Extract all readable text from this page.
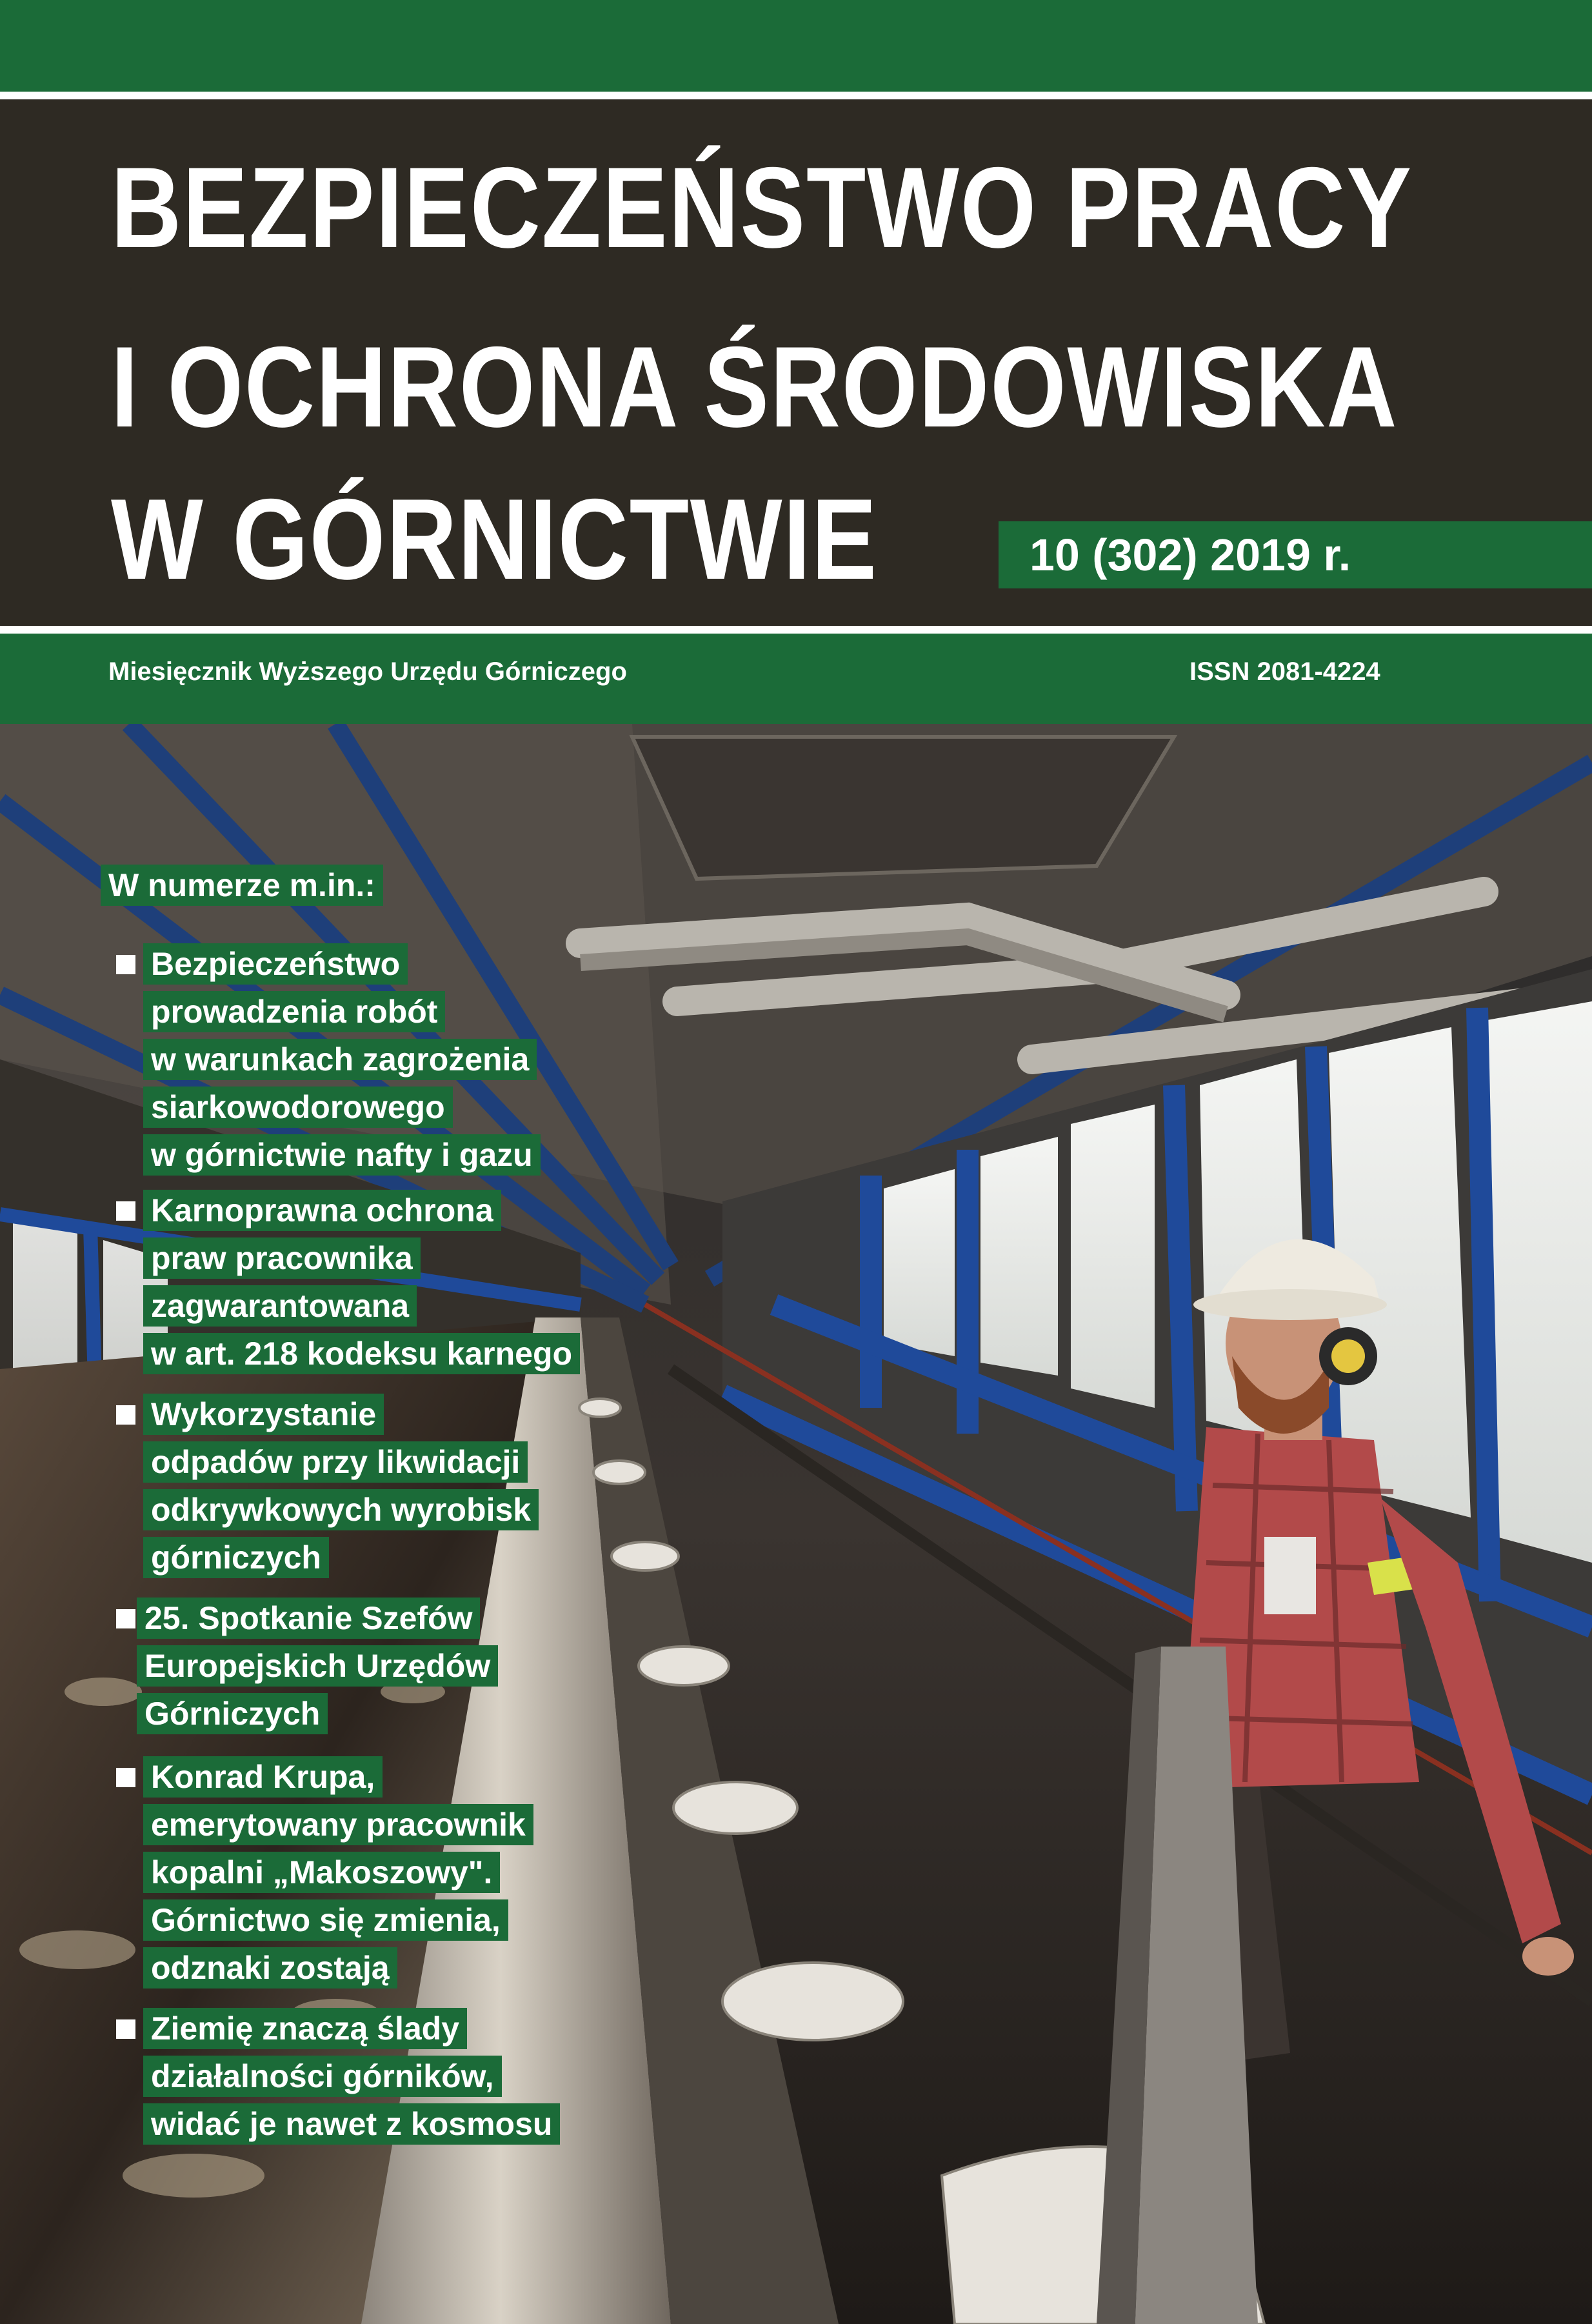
BEZPIECZEŃSTWO PRACY
I OCHRONA ŚRODOWISKA
W GÓRNICTWIE	10 (302) 2019 r.
Miesięcznik Wyższego Urzędu Górniczego	ISSN 2081-4224
W numerze m.in.:
Bezpieczeństwo
prowadzenia robót
w warunkach zagrożenia
siarkowodorowego
w górnictwie nafty i gazu
Karnoprawna ochrona
praw pracownika
zagwarantowana
w art. 218 kodeksu karnego
Wykorzystanie
odpadów przy likwidacji
odkrywkowych wyrobisk
górniczych
25. Spotkanie Szefów
Europejskich Urzędów
Górniczych
Konrad Krupa,
emerytowany pracownik
kopalni „Makoszowy".
Górnictwo się zmienia,
odznaki zostają
Ziemię znaczą ślady
działalności górników,
widać je nawet z kosmosu
